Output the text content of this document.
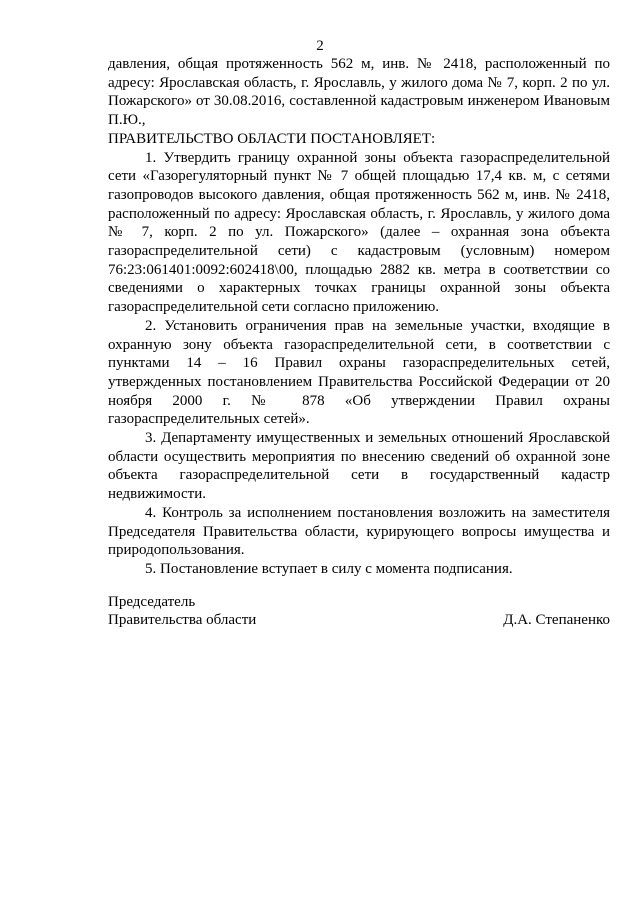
2

давления, общая протяженность 562 м, инв. № 2418, расположенный по адресу: Ярославская область, г. Ярославль, у жилого дома № 7, корп. 2 по ул. Пожарского» от 30.08.2016, составленной кадастровым инженером Ивановым П.Ю.,

ПРАВИТЕЛЬСТВО ОБЛАСТИ ПОСТАНОВЛЯЕТ:

1. Утвердить границу охранной зоны объекта газораспределительной сети «Газорегуляторный пункт № 7 общей площадью 17,4 кв. м, с сетями газопроводов высокого давления, общая протяженность 562 м, инв. № 2418, расположенный по адресу: Ярославская область, г. Ярославль, у жилого дома № 7, корп. 2 по ул. Пожарского» (далее – охранная зона объекта газораспределительной сети) с кадастровым (условным) номером 76:23:061401:0092:602418\00, площадью 2882 кв. метра в соответствии со сведениями о характерных точках границы охранной зоны объекта газораспределительной сети согласно приложению.

2. Установить ограничения прав на земельные участки, входящие в охранную зону объекта газораспределительной сети, в соответствии с пунктами 14 – 16 Правил охраны газораспределительных сетей, утвержденных постановлением Правительства Российской Федерации от 20 ноября 2000 г. № 878 «Об утверждении Правил охраны газораспределительных сетей».

3. Департаменту имущественных и земельных отношений Ярославской области осуществить мероприятия по внесению сведений об охранной зоне объекта газораспределительной сети в государственный кадастр недвижимости.

4. Контроль за исполнением постановления возложить на заместителя Председателя Правительства области, курирующего вопросы имущества и природопользования.

5. Постановление вступает в силу с момента подписания.

Председатель
Правительства области	Д.А. Степаненко
